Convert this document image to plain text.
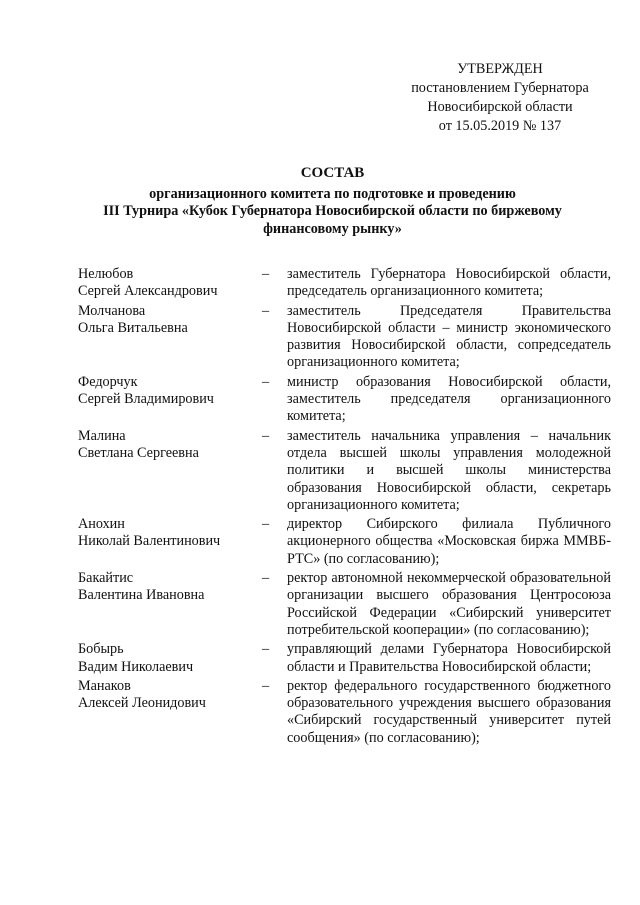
УТВЕРЖДЕН
постановлением Губернатора
Новосибирской области
от 15.05.2019 № 137
СОСТАВ
организационного комитета по подготовке и проведению
III Турнира «Кубок Губернатора Новосибирской области по биржевому
финансовому рынку»
Нелюбов
Сергей Александрович
– заместитель Губернатора Новосибирской области, председатель организационного комитета;
Молчанова
Ольга Витальевна
– заместитель Председателя Правительства Новосибирской области – министр экономического развития Новосибирской области, сопредседатель организационного комитета;
Федорчук
Сергей Владимирович
– министр образования Новосибирской области, заместитель председателя организационного комитета;
Малина
Светлана Сергеевна
– заместитель начальника управления – начальник отдела высшей школы управления молодежной политики и высшей школы министерства образования Новосибирской области, секретарь организационного комитета;
Анохин
Николай Валентинович
– директор Сибирского филиала Публичного акционерного общества «Московская биржа ММВБ-РТС» (по согласованию);
Бакайтис
Валентина Ивановна
– ректор автономной некоммерческой образовательной организации высшего образования Центросоюза Российской Федерации «Сибирский университет потребительской кооперации» (по согласованию);
Бобырь
Вадим Николаевич
– управляющий делами Губернатора Новосибирской области и Правительства Новосибирской области;
Манаков
Алексей Леонидович
– ректор федерального государственного бюджетного образовательного учреждения высшего образования «Сибирский государственный университет путей сообщения» (по согласованию);
